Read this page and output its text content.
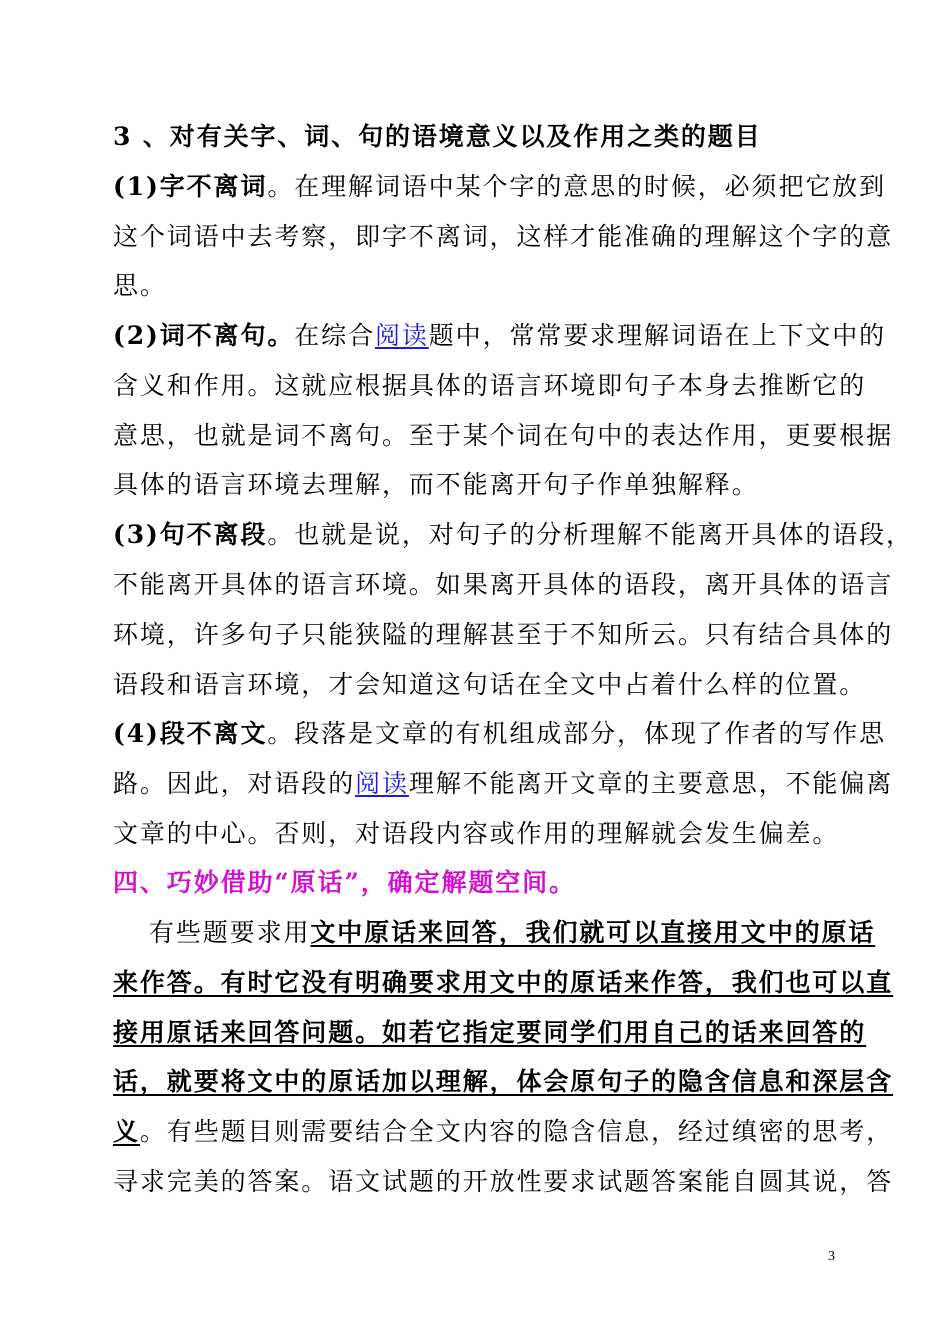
3 、对有关字、词、句的语境意义以及作用之类的题目
(1)字不离词。在理解词语中某个字的意思的时候，必须把它放到
这个词语中去考察，即字不离词，这样才能准确的理解这个字的意
思。
(2)词不离句。在综合阅读题中，常常要求理解词语在上下文中的
含义和作用。这就应根据具体的语言环境即句子本身去推断它的
意思，也就是词不离句。至于某个词在句中的表达作用，更要根据
具体的语言环境去理解，而不能离开句子作单独解释。
(3)句不离段。也就是说，对句子的分析理解不能离开具体的语段，
不能离开具体的语言环境。如果离开具体的语段，离开具体的语言
环境，许多句子只能狭隘的理解甚至于不知所云。只有结合具体的
语段和语言环境，才会知道这句话在全文中占着什么样的位置。
(4)段不离文。段落是文章的有机组成部分，体现了作者的写作思
路。因此，对语段的阅读理解不能离开文章的主要意思，不能偏离
文章的中心。否则，对语段内容或作用的理解就会发生偏差。
四、巧妙借助“原话”，确定解题空间。
有些题要求用文中原话来回答，我们就可以直接用文中的原话
来作答。有时它没有明确要求用文中的原话来作答，我们也可以直
接用原话来回答问题。如若它指定要同学们用自己的话来回答的
话，就要将文中的原话加以理解，体会原句子的隐含信息和深层含
义。有些题目则需要结合全文内容的隐含信息，经过缜密的思考，
寻求完美的答案。语文试题的开放性要求试题答案能自圆其说，答
3
